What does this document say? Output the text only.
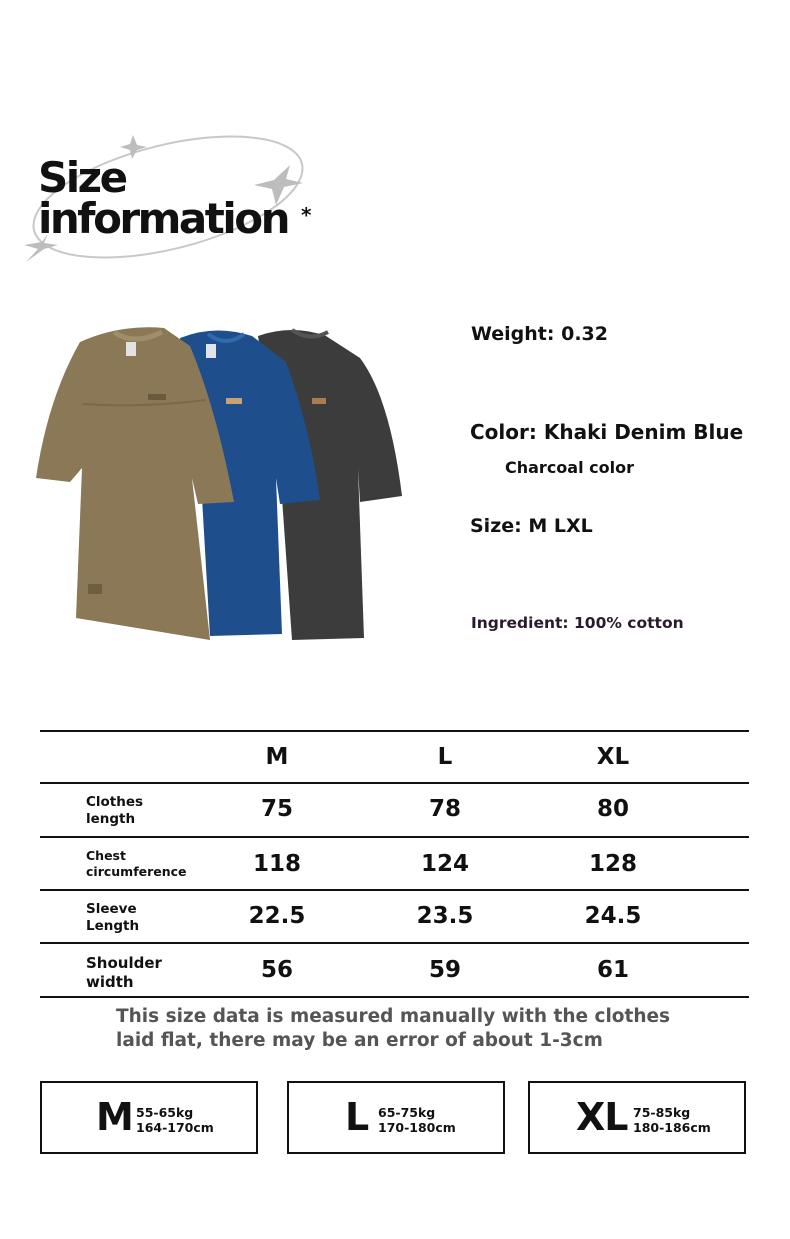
Size
information *
Weight: 0.32
Color: Khaki Denim Blue
Charcoal color
Size: M LXL
Ingredient: 100% cotton
M	L	XL
Clothes
length	75	78	80
Chest
circumference	118	124	128
Sleeve
Length	22.5	23.5	24.5
Shoulder
width	56	59	61
This size data is measured manually with the clothes
laid flat, there may be an error of about 1-3cm
M 55-65kg
164-170cm	L 65-75kg
170-180cm	XL 75-85kg
180-186cm
